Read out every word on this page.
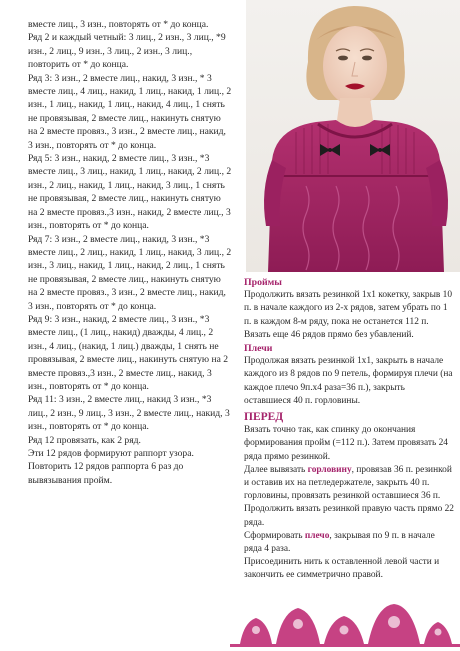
вместе лиц., 3 изн., повторять от * до конца.

Ряд 2 и каждый четный: 3 лиц., 2 изн., 3 лиц., *9 изн., 2 лиц., 9 изн., 3 лиц., 2 изн., 3 лиц., повторить от * до конца.

Ряд 3: 3 изн., 2 вместе лиц., накид, 3 изн., * 3 вместе лиц., 4 лиц., накид, 1 лиц., накид, 1 лиц., 2 изн., 1 лиц., накид, 1 лиц., накид, 4 лиц., 1 снять не провязывая, 2 вместе лиц., накинуть снятую на 2 вместе провяз., 3 изн., 2 вместе лиц., накид, 3 изн., повторять от * до конца.

Ряд 5: 3 изн., накид, 2 вместе лиц., 3 изн., *3 вместе лиц., 3 лиц., накид, 1 лиц., накид, 2 лиц., 2 изн., 2 лиц., накид, 1 лиц., накид, 3 лиц., 1 снять не провязывая, 2 вместе лиц., накинуть снятую на 2 вместе провяз.,3 изн., накид, 2 вместе лиц., 3 изн., повторять от * до конца.

Ряд 7: 3 изн., 2 вместе лиц., накид, 3 изн., *3 вместе лиц., 2 лиц., накид, 1 лиц., накид, 3 лиц., 2 изн., 3 лиц., накид, 1 лиц., накид, 2 лиц., 1 снять не провязывая, 2 вместе лиц., накинуть снятую на 2 вместе провяз., 3 изн., 2 вместе лиц., накид, 3 изн., повторять от * до конца.

Ряд 9: 3 изн., накид, 2 вместе лиц., 3 изн., *3 вместе лиц., (1 лиц., накид) дважды, 4 лиц., 2 изн., 4 лиц., (накид, 1 лиц.) дважды, 1 снять не провязывая, 2 вместе лиц., накинуть снятую на 2 вместе провяз.,3 изн., 2 вместе лиц., накид, 3 изн., повторять от * до конца.

Ряд 11: 3 изн., 2 вместе лиц., накид 3 изн., *3 лиц., 2 изн., 9 лиц., 3 изн., 2 вместе лиц., накид, 3 изн., повторять от * до конца.

Ряд 12 провязать, как 2 ряд.

Эти 12 рядов формируют раппорт узора. Повторить 12 рядов раппорта 6 раз до вывязывания пройм.

Проймы

Продолжить вязать резинкой 1х1 кокетку, закрыв 10 п. в начале каждого из 2-х рядов, затем убрать по 1 п. в каждом 8-м ряду, пока не останется 112 п.

Вязать еще 46 рядов прямо без убавлений.

Плечи

Продолжая вязать резинкой 1х1, закрыть в начале каждого из 8 рядов по 9 петель, формируя плечи (на каждое плечо 9п.х4 раза=36 п.), закрыть оставшиеся 40 п. горловины.

ПЕРЕД

Вязать точно так, как спинку до окончания формирования пройм (=112 п.). Затем провязать 24 ряда прямо резинкой.

Далее вывязать горловину, провязав 36 п. резинкой и оставив их на петледержателе, закрыть 40 п. горловины, провязать резинкой оставшиеся 36 п.

Продолжить вязать резинкой правую часть прямо 22 ряда.

Сформировать плечо, закрывая по 9 п. в начале ряда 4 раза.

Присоединить нить к оставленной левой части и закончить ее симметрично правой.
